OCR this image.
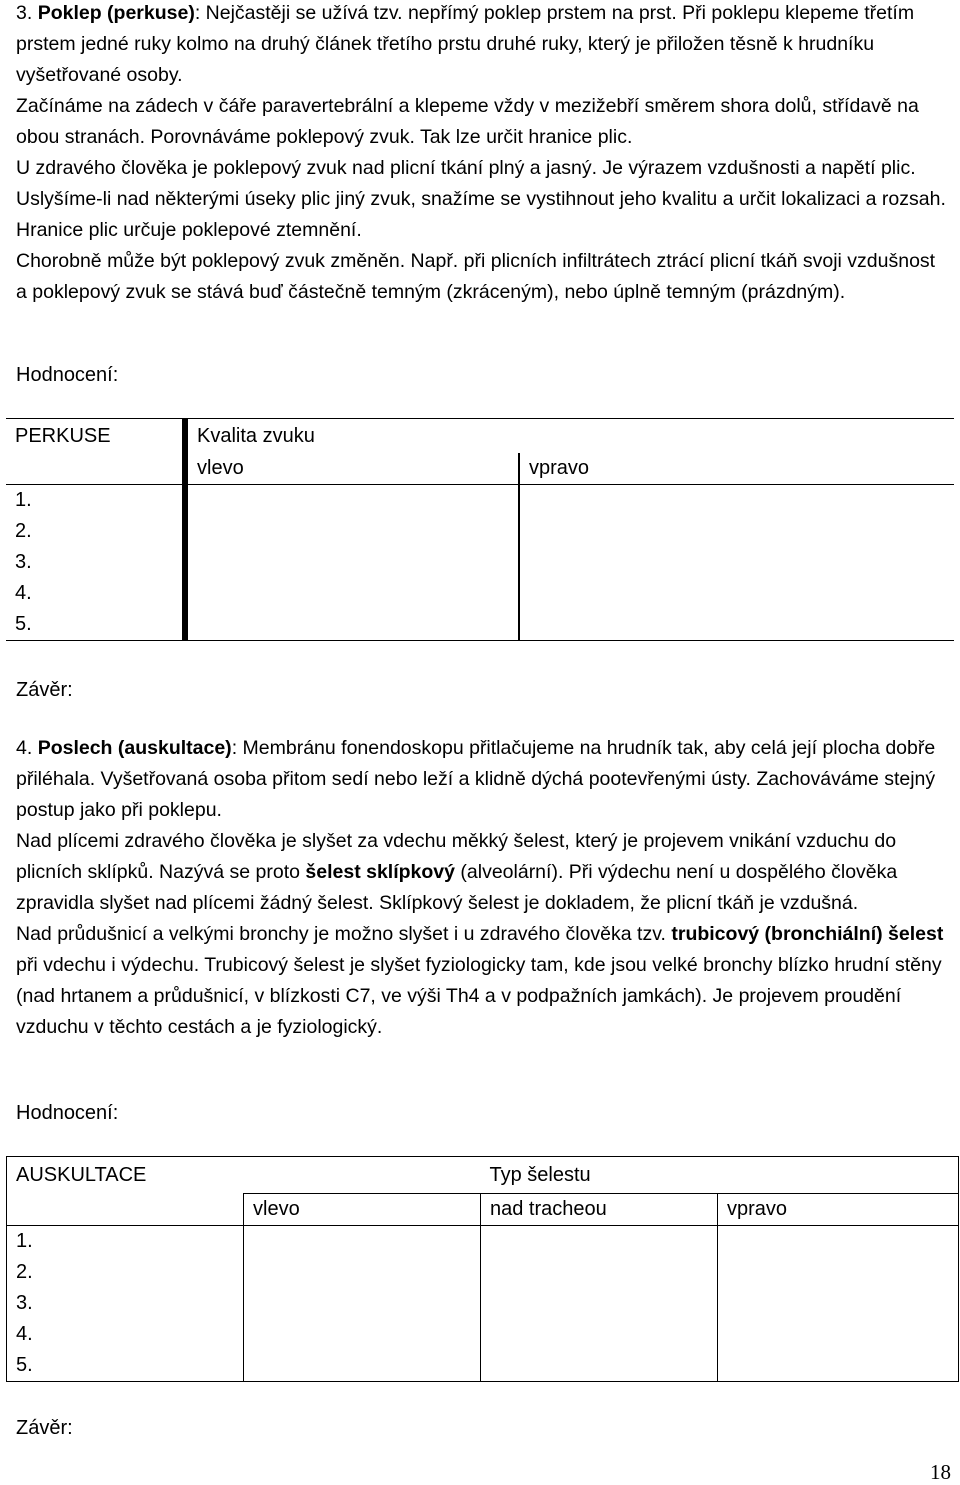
3. Poklep (perkuse): Nejčastěji se užívá tzv. nepřímý poklep prstem na prst. Při poklepu klepeme třetím prstem jedné ruky kolmo na druhý článek třetího prstu druhé ruky, který je přiložen těsně k hrudníku vyšetřované osoby.

Začínáme na zádech v čáře paravertebrální a klepeme vždy v mezižebří směrem shora dolů, střídavě na obou stranách. Porovnáváme poklepový zvuk. Tak lze určit hranice plic.

U zdravého člověka je poklepový zvuk nad plicní tkání plný a jasný. Je výrazem vzdušnosti a napětí plic. Uslyšíme-li nad některými úseky plic jiný zvuk, snažíme se vystihnout jeho kvalitu a určit lokalizaci a rozsah. Hranice plic určuje poklepové ztemnění.

Chorobně může být poklepový zvuk změněn. Např. při plicních infiltrátech ztrácí plicní tkáň svoji vzdušnost a poklepový zvuk se stává buď částečně temným (zkráceným), nebo úplně temným (prázdným).

Hodnocení:
PERKUSE		Kvalita zvuku		
		vlevo		vpravo
1.				
2.				
3.				
4.				
5.				
Závěr:

4. Poslech (auskultace): Membránu fonendoskopu přitlačujeme na hrudník tak, aby celá její plocha dobře přiléhala. Vyšetřovaná osoba přitom sedí nebo leží a klidně dýchá pootevřenými ústy. Zachováváme stejný postup jako při poklepu.

Nad plícemi zdravého člověka je slyšet za vdechu měkký šelest, který je projevem vnikání vzduchu do plicních sklípků. Nazývá se proto šelest sklípkový (alveolární). Při výdechu není u dospělého člověka zpravidla slyšet nad plícemi žádný šelest. Sklípkový šelest je dokladem, že plicní tkáň je vzdušná.

Nad průdušnicí a velkými bronchy je možno slyšet i u zdravého člověka tzv. trubicový (bronchiální) šelest při vdechu i výdechu. Trubicový šelest je slyšet fyziologicky tam, kde jsou velké bronchy blízko hrudní stěny (nad hrtanem a průdušnicí, v blízkosti C7, ve výši Th4 a v podpažních jamkách). Je projevem proudění vzduchu v těchto cestách a je fyziologický.

Hodnocení:
AUSKULTACE		Typ šelestu	
	vlevo	nad tracheou	vpravo
1.			
2.			
3.			
4.			
5.			
Závěr:
18
